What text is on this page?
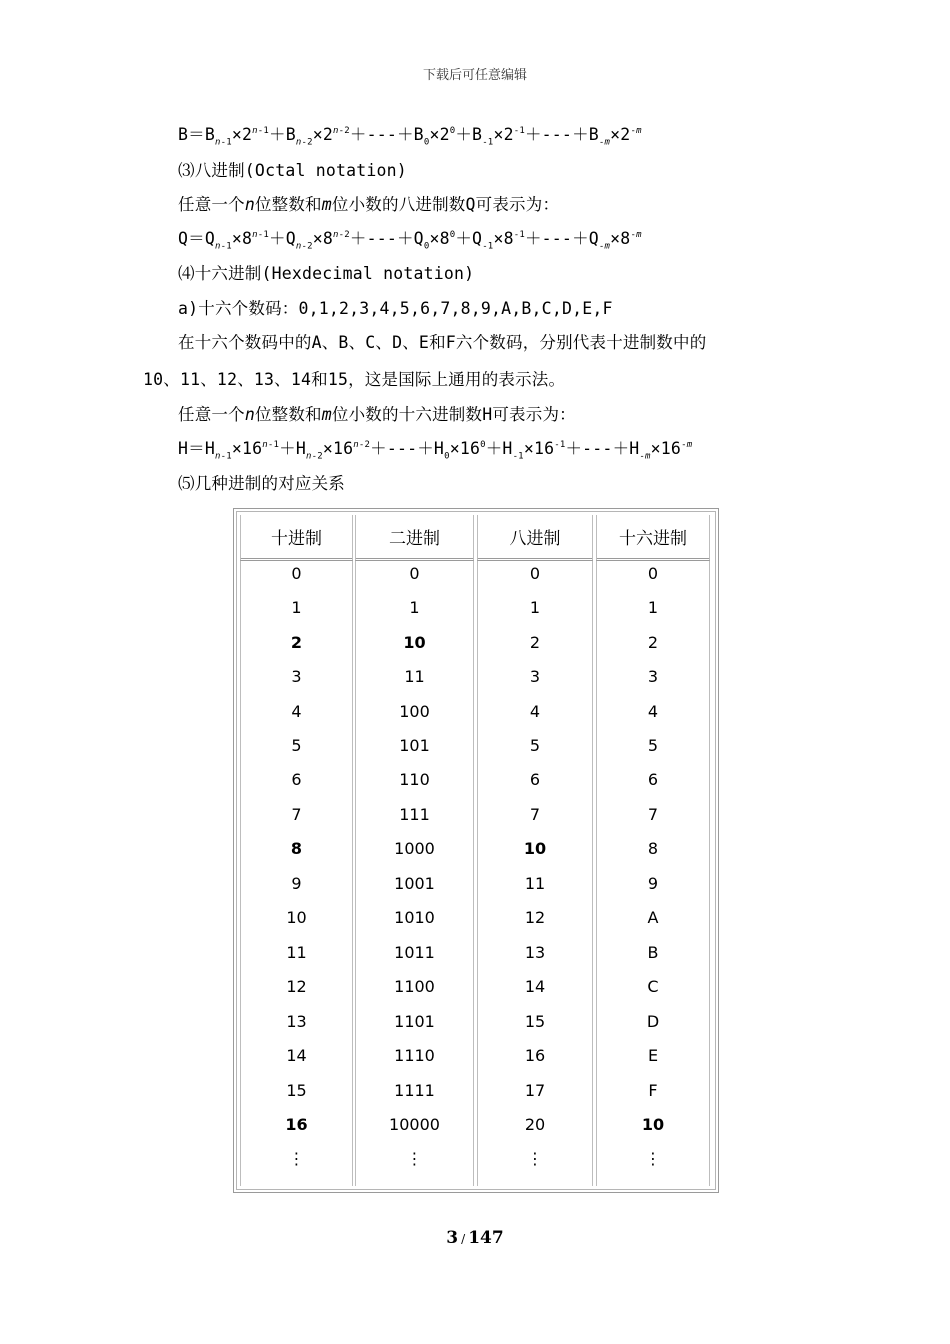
下载后可任意编辑
$B=B_{n-1}\times 2^{n-1}+B_{n-2}\times 2^{n-2}+---+B_0\times 2^0+B_{-1}\times 2^{-1}+---+B_{-m}\times 2^{-m}$
⑶八进制(Octal notation)
任意一个n位整数和m位小数的八进制数Q可表示为：
$Q=Q_{n-1}\times 8^{n-1}+Q_{n-2}\times 8^{n-2}+---+Q_0\times 8^0+Q_{-1}\times 8^{-1}+---+Q_{-m}\times 8^{-m}$
⑷十六进制(Hexdecimal notation)
a)十六个数码：0,1,2,3,4,5,6,7,8,9,A,B,C,D,E,F
在十六个数码中的A、B、C、D、E和F六个数码，分别代表十进制数中的
10、11、12、13、14和15，这是国际上通用的表示法。
任意一个n位整数和m位小数的十六进制数H可表示为：
$H=H_{n-1}\times 16^{n-1}+H_{n-2}\times 16^{n-2}+---+H_0\times 16^0+H_{-1}\times 16^{-1}+---+H_{-m}\times 16^{-m}$
⑸几种进制的对应关系
十进制	二进制	八进制	十六进制
0	0	0	0
1	1	1	1
2	10	2	2
3	11	3	3
4	100	4	4
5	101	5	5
6	110	6	6
7	111	7	7
8	1000	10	8
9	1001	11	9
10	1010	12	A
11	1011	13	B
12	1100	14	C
13	1101	15	D
14	1110	16	E
15	1111	17	F
16	10000	20	10
⋮	⋮	⋮	⋮
3 / 147
